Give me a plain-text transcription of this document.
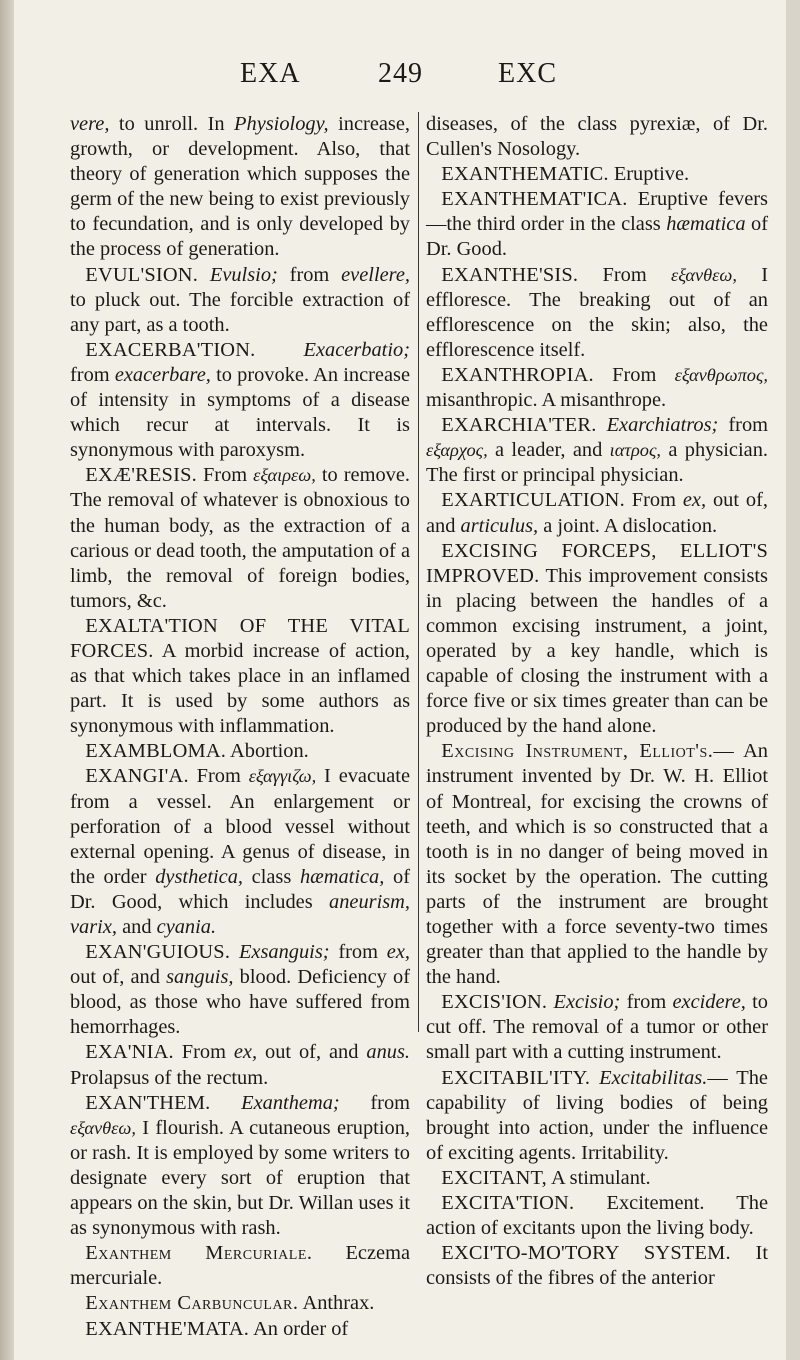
EXA	249	EXC

vere, to unroll. In Physiology, increase, growth, or development. Also, that theory of generation which supposes the germ of the new being to exist previously to fecundation, and is only developed by the process of generation.

EVUL'SION. Evulsio; from evellere, to pluck out. The forcible extraction of any part, as a tooth.

EXACERBA'TION. Exacerbatio; from exacerbare, to provoke. An increase of intensity in symptoms of a disease which recur at intervals. It is synonymous with paroxysm.

EXÆ'RESIS. From εξαιρεω, to remove. The removal of whatever is obnoxious to the human body, as the extraction of a carious or dead tooth, the amputation of a limb, the removal of foreign bodies, tumors, &c.

EXALTA'TION OF THE VITAL FORCES. A morbid increase of action, as that which takes place in an inflamed part. It is used by some authors as synonymous with inflammation.

EXAMBLOMA. Abortion.

EXANGI'A. From εξαγγιζω, I evacuate from a vessel. An enlargement or perforation of a blood vessel without external opening. A genus of disease, in the order dysthetica, class hæmatica, of Dr. Good, which includes aneurism, varix, and cyania.

EXAN'GUIOUS. Exsanguis; from ex, out of, and sanguis, blood. Deficiency of blood, as those who have suffered from hemorrhages.

EXA'NIA. From ex, out of, and anus. Prolapsus of the rectum.

EXAN'THEM. Exanthema; from εξανθεω, I flourish. A cutaneous eruption, or rash. It is employed by some writers to designate every sort of eruption that appears on the skin, but Dr. Willan uses it as synonymous with rash.

Exanthem Mercuriale. Eczema mercuriale.

Exanthem Carbuncular. Anthrax.

EXANTHE'MATA. An order of

diseases, of the class pyrexiæ, of Dr. Cullen's Nosology.

EXANTHEMATIC. Eruptive.

EXANTHEMAT'ICA. Eruptive fevers—the third order in the class hæmatica of Dr. Good.

EXANTHE'SIS. From εξανθεω, I effloresce. The breaking out of an efflorescence on the skin; also, the efflorescence itself.

EXANTHROPIA. From εξανθρωπος, misanthropic. A misanthrope.

EXARCHIA'TER. Exarchiatros; from εξαρχος, a leader, and ιατρος, a physician. The first or principal physician.

EXARTICULATION. From ex, out of, and articulus, a joint. A dislocation.

EXCISING FORCEPS, ELLIOT'S IMPROVED. This improvement consists in placing between the handles of a common excising instrument, a joint, operated by a key handle, which is capable of closing the instrument with a force five or six times greater than can be produced by the hand alone.

Excising Instrument, Elliot's.— An instrument invented by Dr. W. H. Elliot of Montreal, for excising the crowns of teeth, and which is so constructed that a tooth is in no danger of being moved in its socket by the operation. The cutting parts of the instrument are brought together with a force seventy-two times greater than that applied to the handle by the hand.

EXCIS'ION. Excisio; from excidere, to cut off. The removal of a tumor or other small part with a cutting instrument.

EXCITABIL'ITY. Excitabilitas.— The capability of living bodies of being brought into action, under the influence of exciting agents. Irritability.

EXCITANT, A stimulant.

EXCITA'TION. Excitement. The action of excitants upon the living body.

EXCI'TO-MO'TORY SYSTEM. It consists of the fibres of the anterior
